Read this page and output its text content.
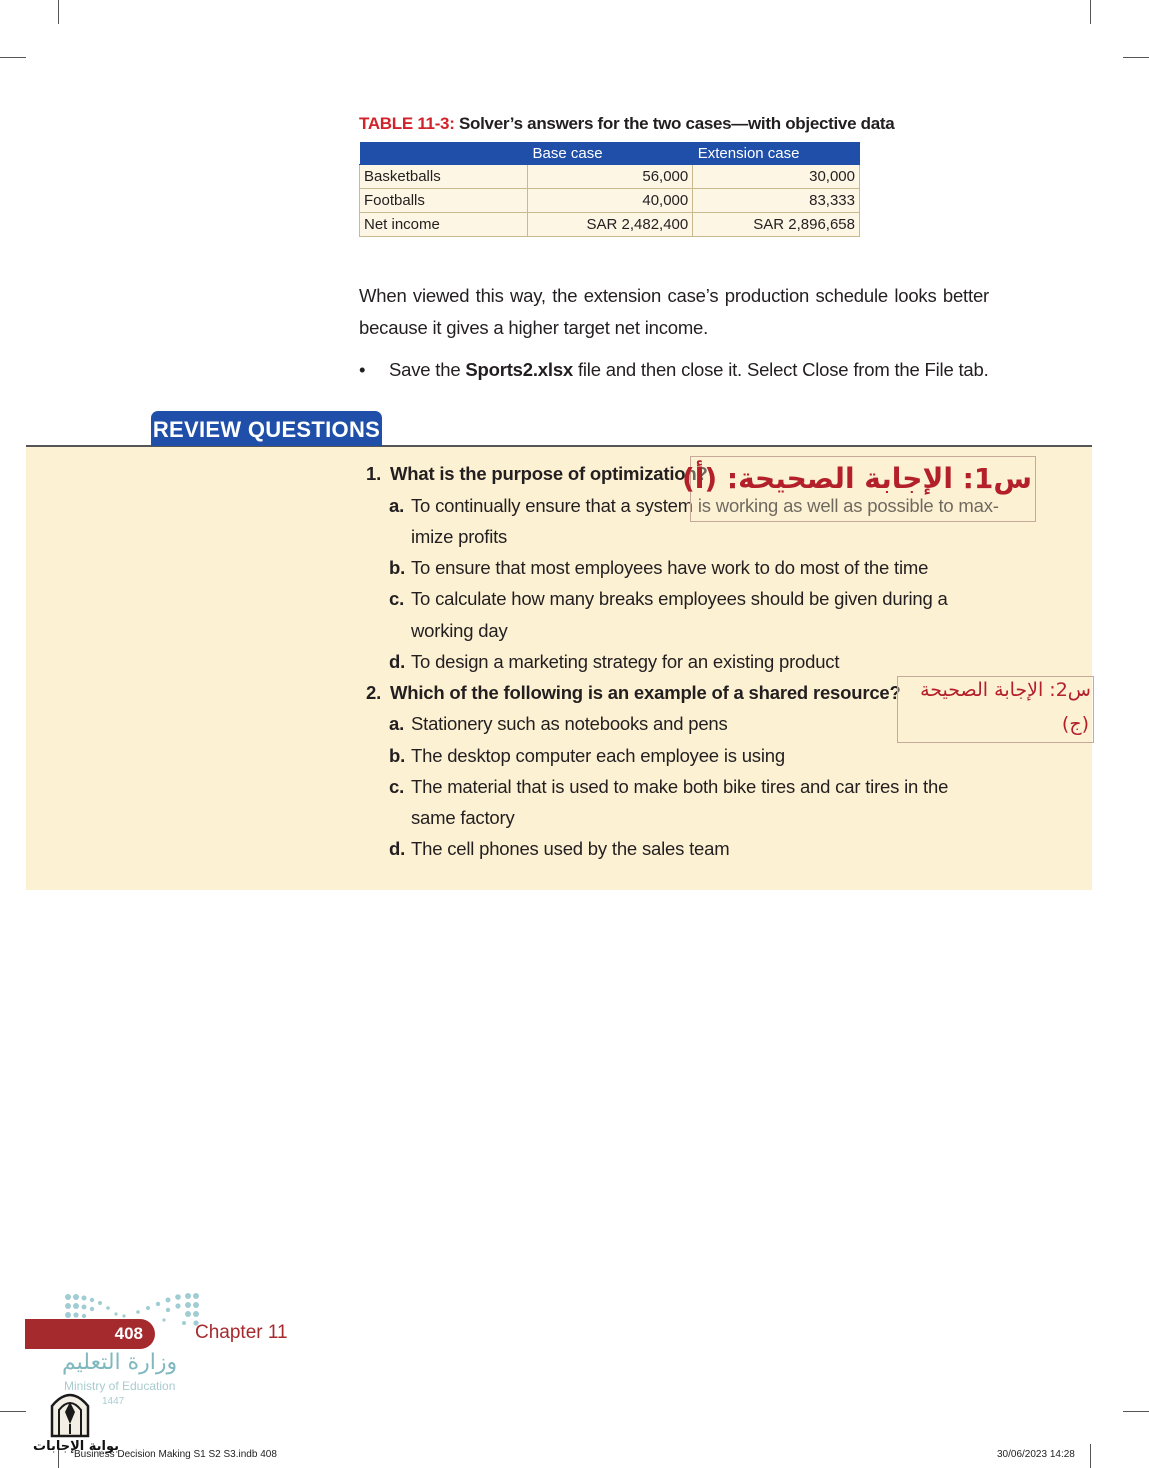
TABLE 11-3: Solver’s answers for the two cases—with objective data
	Base case	Extension case
Basketballs	56,000	30,000
Footballs	40,000	83,333
Net income	SAR 2,482,400	SAR 2,896,658

When viewed this way, the extension case’s production schedule looks better because it gives a higher target net income.

• Save the Sports2.xlsx file and then close it. Select Close from the File tab.
REVIEW QUESTIONS
1. What is the purpose of optimization?
a. To continually ensure that a system is working as well as possible to max-
imize profits
b. To ensure that most employees have work to do most of the time
c. To calculate how many breaks employees should be given during a
working day
d. To design a marketing strategy for an existing product
2. Which of the following is an example of a shared resource?
a. Stationery such as notebooks and pens
b. The desktop computer each employee is using
c. The material that is used to make both bike tires and car tires in the
same factory
d. The cell phones used by the sales team
س1: الإجابة الصحيحة: (أ)
س2: الإجابة الصحيحة
(ج)
408	Chapter 11
وزارة التعليم
Ministry of Education
1447
بوابة الإجابات
Business Decision Making S1 S2 S3.indb 408	30/06/2023 14:28
